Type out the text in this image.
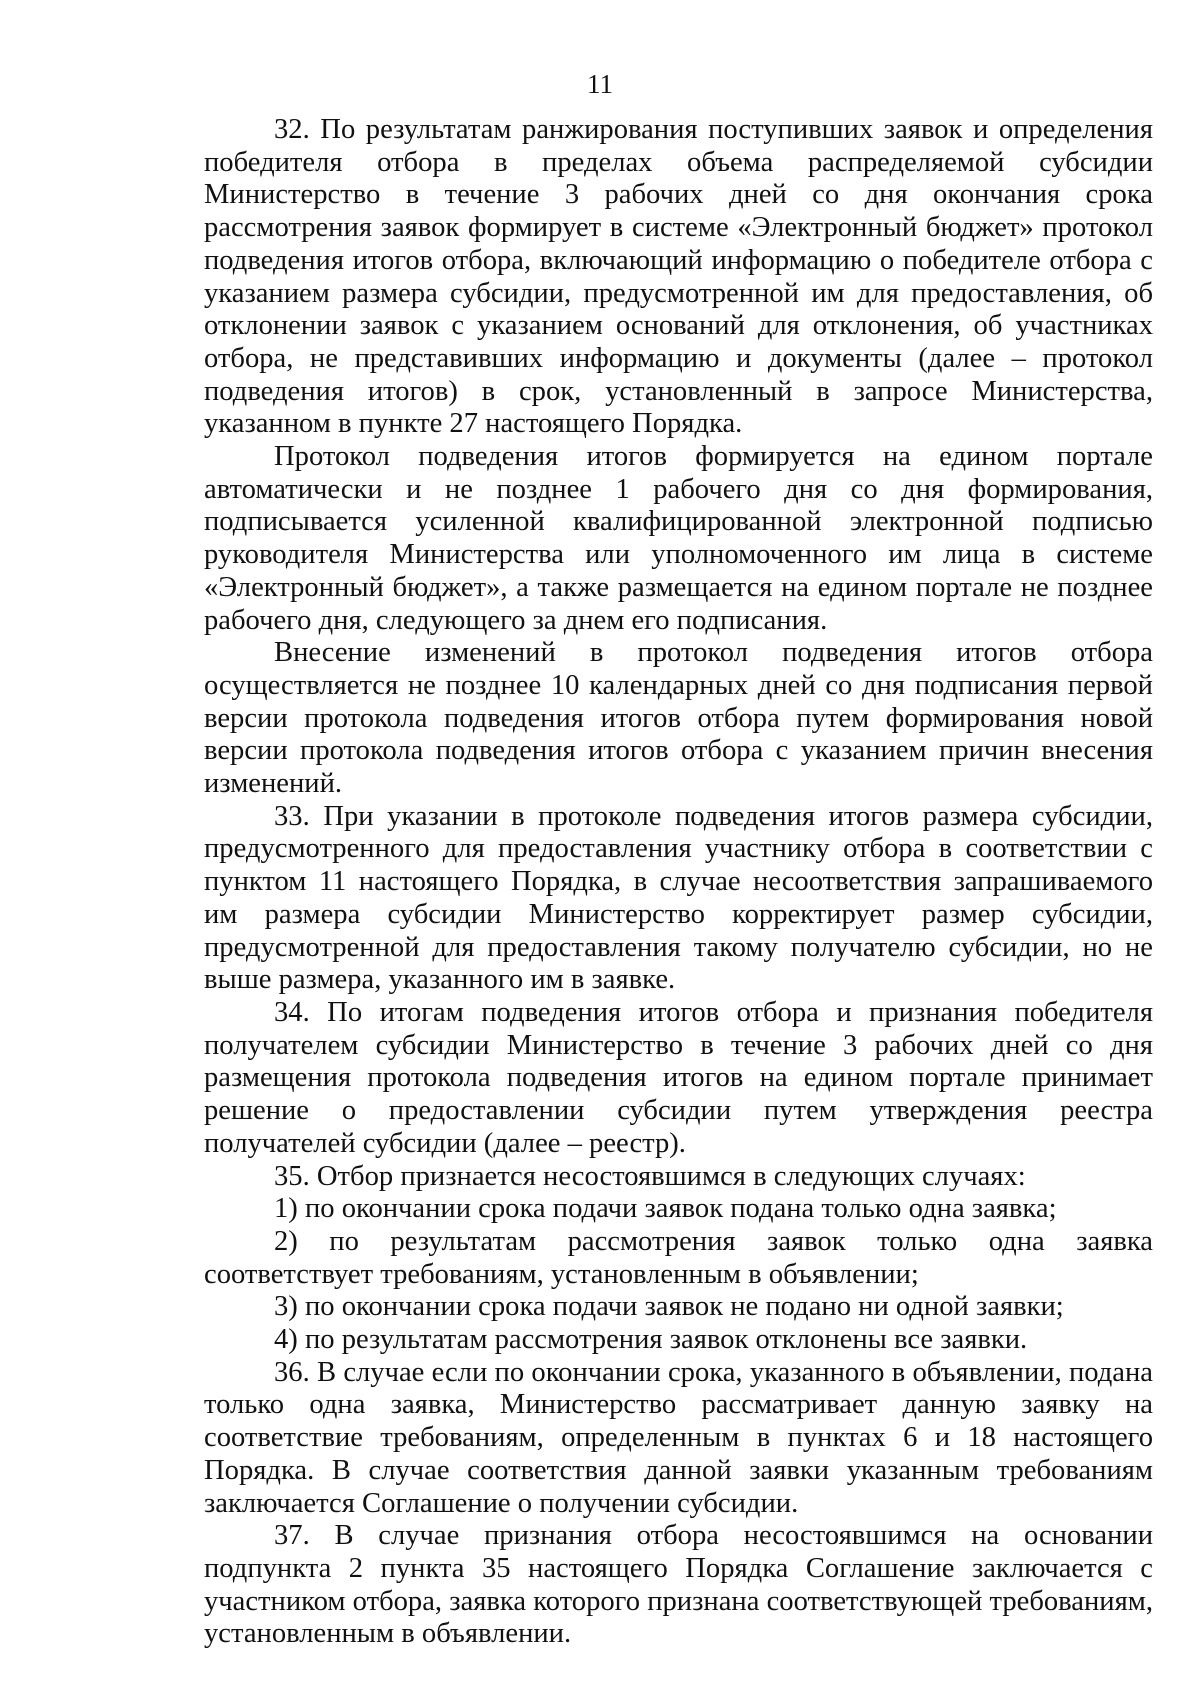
11

32. По результатам ранжирования поступивших заявок и определения победителя отбора в пределах объема распределяемой субсидии Министерство в течение 3 рабочих дней со дня окончания срока рассмотрения заявок формирует в системе «Электронный бюджет» протокол подведения итогов отбора, включающий информацию о победителе отбора с указанием размера субсидии, предусмотренной им для предоставления, об отклонении заявок с указанием оснований для отклонения, об участниках отбора, не представивших информацию и документы (далее – протокол подведения итогов) в срок, установленный в запросе Министерства, указанном в пункте 27 настоящего Порядка.

Протокол подведения итогов формируется на едином портале автоматически и не позднее 1 рабочего дня со дня формирования, подписывается усиленной квалифицированной электронной подписью руководителя Министерства или уполномоченного им лица в системе «Электронный бюджет», а также размещается на едином портале не позднее рабочего дня, следующего за днем его подписания.

Внесение изменений в протокол подведения итогов отбора осуществляется не позднее 10 календарных дней со дня подписания первой версии протокола подведения итогов отбора путем формирования новой версии протокола подведения итогов отбора с указанием причин внесения изменений.

33. При указании в протоколе подведения итогов размера субсидии, предусмотренного для предоставления участнику отбора в соответствии с пунктом 11 настоящего Порядка, в случае несоответствия запрашиваемого им размера субсидии Министерство корректирует размер субсидии, предусмотренной для предоставления такому получателю субсидии, но не выше размера, указанного им в заявке.

34. По итогам подведения итогов отбора и признания победителя получателем субсидии Министерство в течение 3 рабочих дней со дня размещения протокола подведения итогов на едином портале принимает решение о предоставлении субсидии путем утверждения реестра получателей субсидии (далее – реестр).

35. Отбор признается несостоявшимся в следующих случаях:

1) по окончании срока подачи заявок подана только одна заявка;

2) по результатам рассмотрения заявок только одна заявка соответствует требованиям, установленным в объявлении;

3) по окончании срока подачи заявок не подано ни одной заявки;

4) по результатам рассмотрения заявок отклонены все заявки.

36. В случае если по окончании срока, указанного в объявлении, подана только одна заявка, Министерство рассматривает данную заявку на соответствие требованиям, определенным в пунктах 6 и 18 настоящего Порядка. В случае соответствия данной заявки указанным требованиям заключается Соглашение о получении субсидии.

37. В случае признания отбора несостоявшимся на основании подпункта 2 пункта 35 настоящего Порядка Соглашение заключается с участником отбора, заявка которого признана соответствующей требованиям, установленным в объявлении.
